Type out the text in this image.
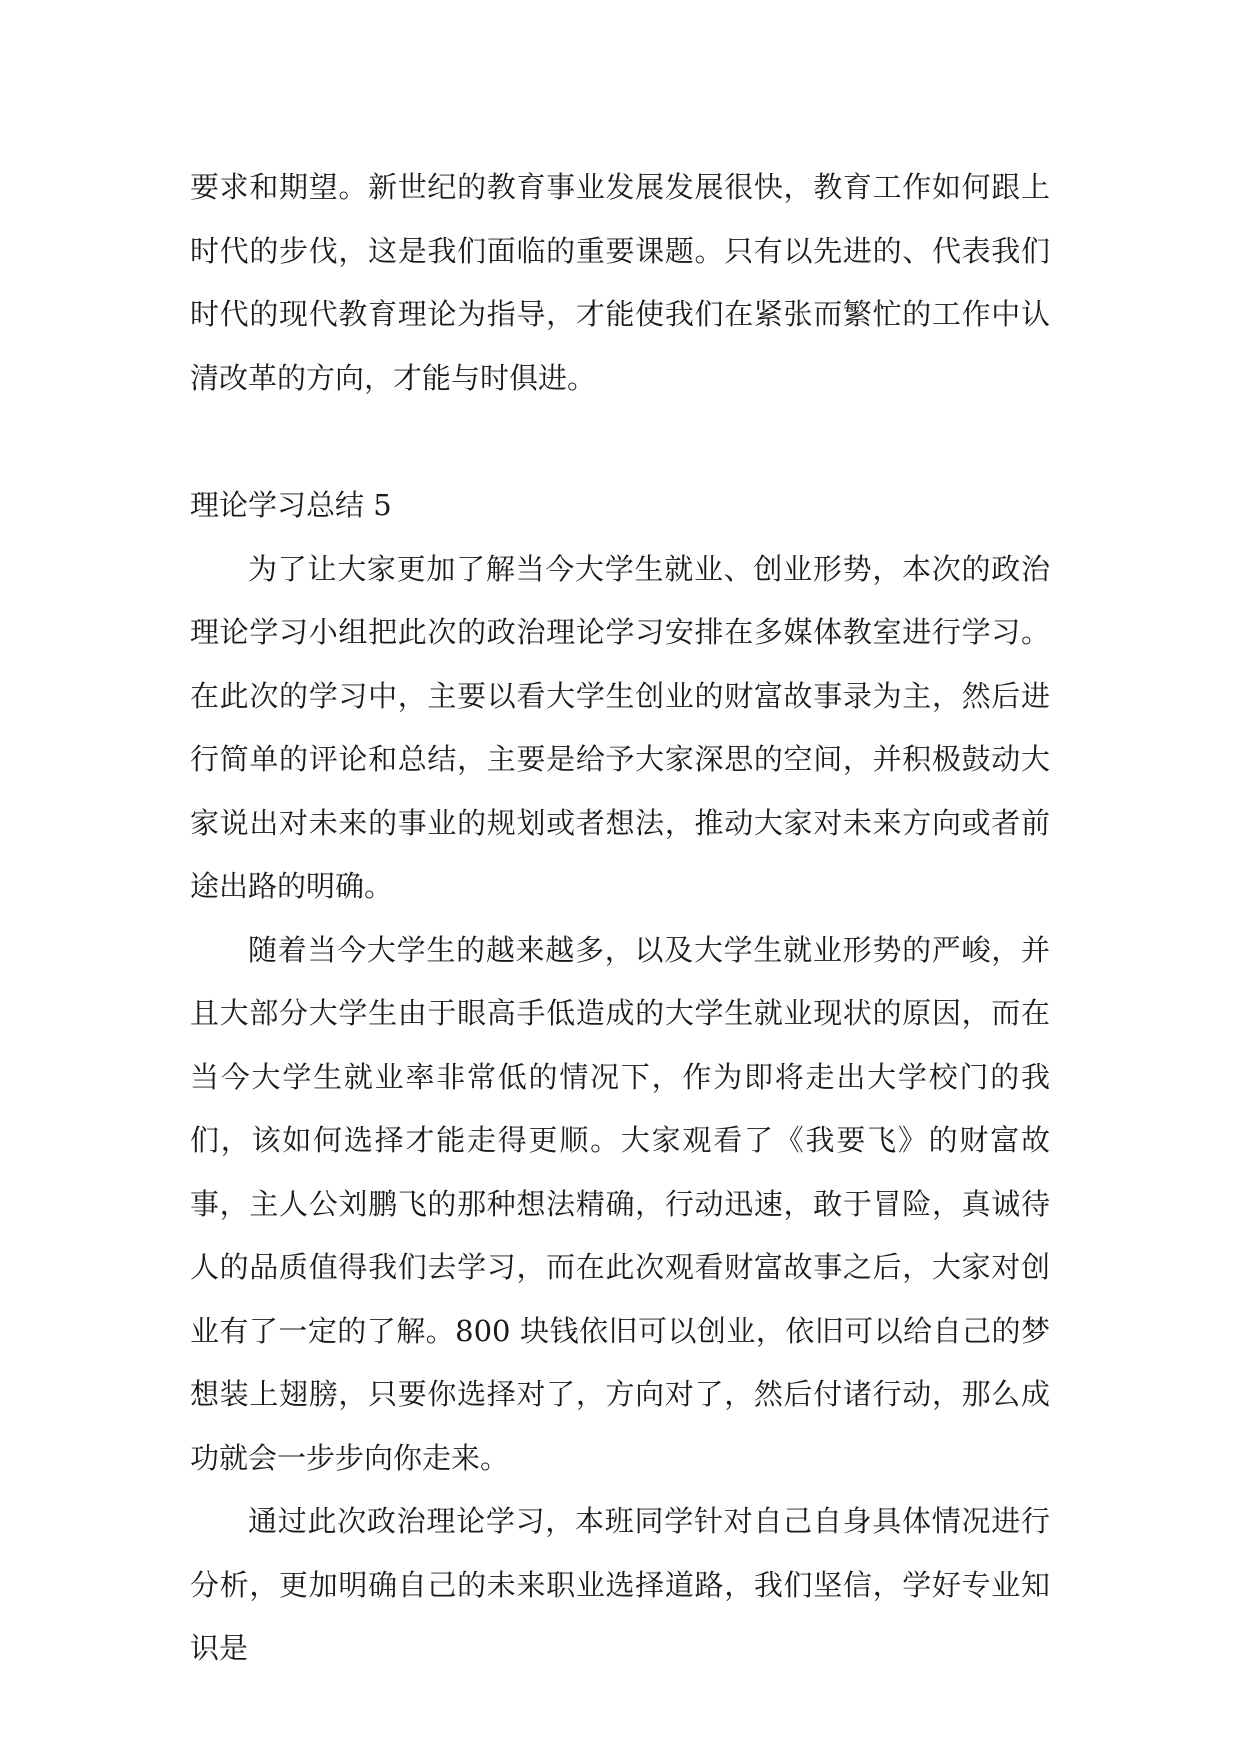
要求和期望。新世纪的教育事业发展发展很快，教育工作如何跟上时代的步伐，这是我们面临的重要课题。只有以先进的、代表我们时代的现代教育理论为指导，才能使我们在紧张而繁忙的工作中认清改革的方向，才能与时俱进。

理论学习总结 5

为了让大家更加了解当今大学生就业、创业形势，本次的政治理论学习小组把此次的政治理论学习安排在多媒体教室进行学习。在此次的学习中，主要以看大学生创业的财富故事录为主，然后进行简单的评论和总结，主要是给予大家深思的空间，并积极鼓动大家说出对未来的事业的规划或者想法，推动大家对未来方向或者前途出路的明确。

随着当今大学生的越来越多，以及大学生就业形势的严峻，并且大部分大学生由于眼高手低造成的大学生就业现状的原因，而在当今大学生就业率非常低的情况下，作为即将走出大学校门的我们，该如何选择才能走得更顺。大家观看了《我要飞》的财富故事，主人公刘鹏飞的那种想法精确，行动迅速，敢于冒险，真诚待人的品质值得我们去学习，而在此次观看财富故事之后，大家对创业有了一定的了解。800 块钱依旧可以创业，依旧可以给自己的梦想装上翅膀，只要你选择对了，方向对了，然后付诸行动，那么成功就会一步步向你走来。

通过此次政治理论学习，本班同学针对自己自身具体情况进行分析，更加明确自己的未来职业选择道路，我们坚信，学好专业知识是
